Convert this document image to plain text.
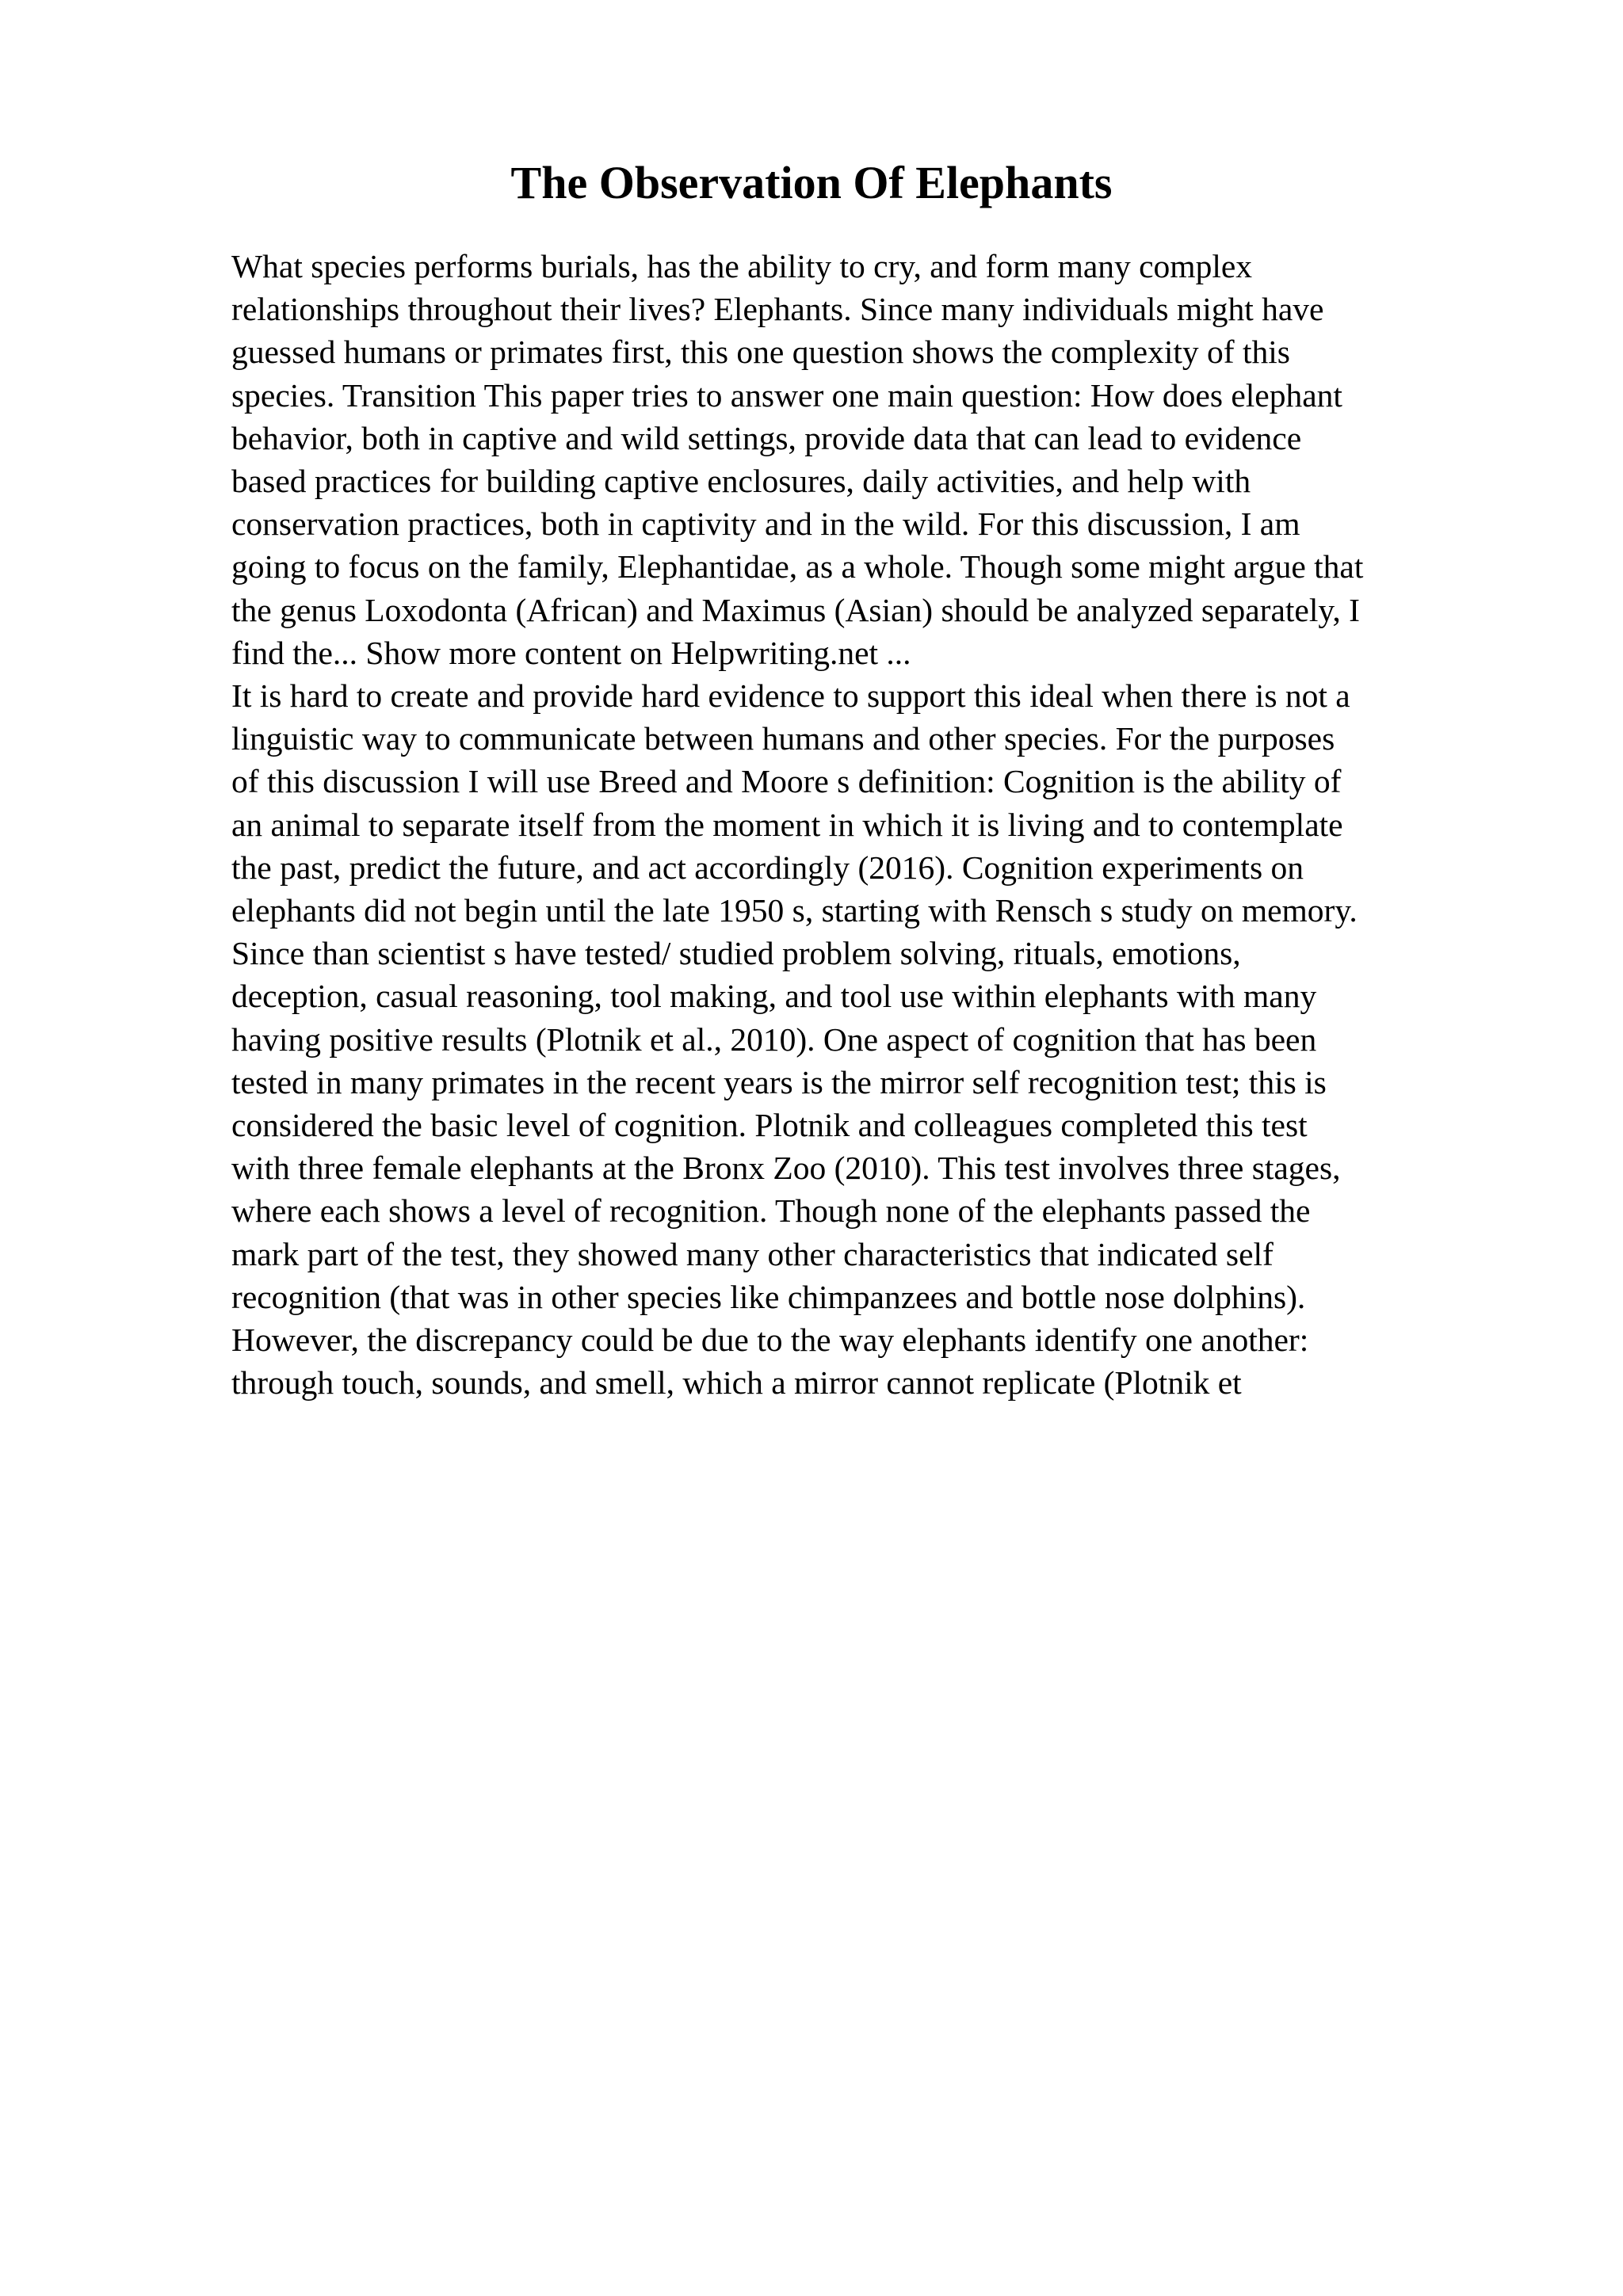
The Observation Of Elephants

What species performs burials, has the ability to cry, and form many complex
relationships throughout their lives? Elephants. Since many individuals might have
guessed humans or primates first, this one question shows the complexity of this
species. Transition This paper tries to answer one main question: How does elephant
behavior, both in captive and wild settings, provide data that can lead to evidence
based practices for building captive enclosures, daily activities, and help with
conservation practices, both in captivity and in the wild. For this discussion, I am
going to focus on the family, Elephantidae, as a whole. Though some might argue that
the genus Loxodonta (African) and Maximus (Asian) should be analyzed separately, I
find the... Show more content on Helpwriting.net ...

It is hard to create and provide hard evidence to support this ideal when there is not a
linguistic way to communicate between humans and other species. For the purposes
of this discussion I will use Breed and Moore s definition: Cognition is the ability of
an animal to separate itself from the moment in which it is living and to contemplate
the past, predict the future, and act accordingly (2016). Cognition experiments on
elephants did not begin until the late 1950 s, starting with Rensch s study on memory.
Since than scientist s have tested/ studied problem solving, rituals, emotions,
deception, casual reasoning, tool making, and tool use within elephants with many
having positive results (Plotnik et al., 2010). One aspect of cognition that has been
tested in many primates in the recent years is the mirror self recognition test; this is
considered the basic level of cognition. Plotnik and colleagues completed this test
with three female elephants at the Bronx Zoo (2010). This test involves three stages,
where each shows a level of recognition. Though none of the elephants passed the
mark part of the test, they showed many other characteristics that indicated self
recognition (that was in other species like chimpanzees and bottle nose dolphins).
However, the discrepancy could be due to the way elephants identify one another:
through touch, sounds, and smell, which a mirror cannot replicate (Plotnik et
